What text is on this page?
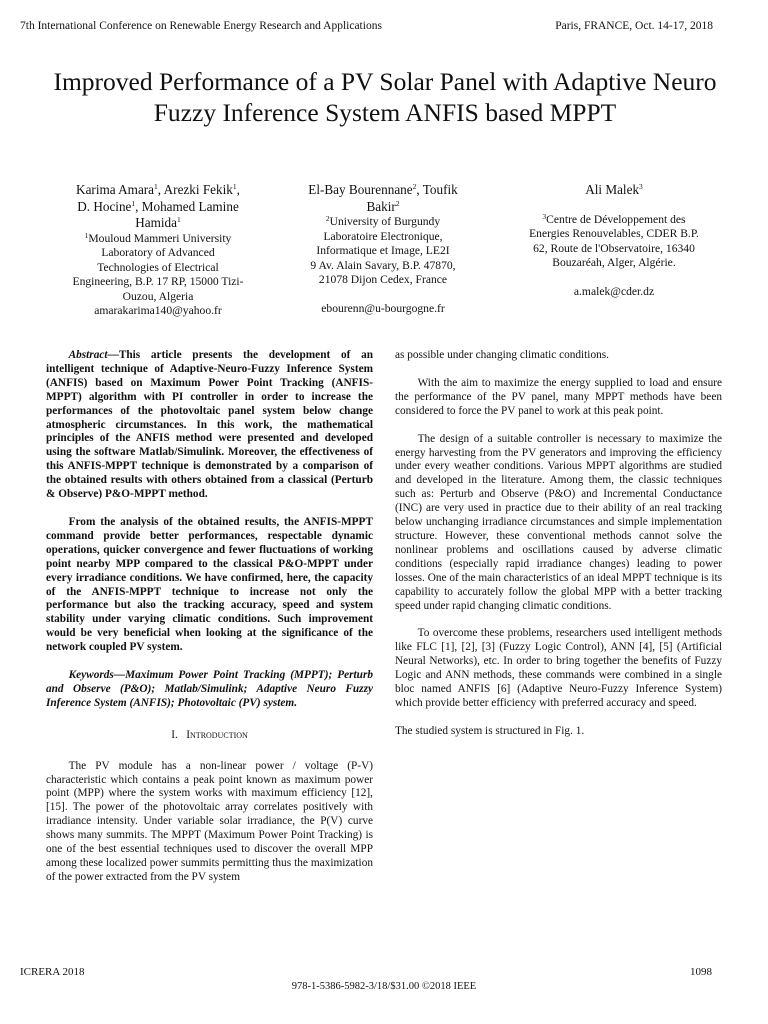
7th International Conference on Renewable Energy Research and Applications	Paris, FRANCE, Oct. 14-17, 2018
Improved Performance of a PV Solar Panel with Adaptive Neuro Fuzzy Inference System ANFIS based MPPT
Karima Amara$^1$, Arezki Fekik$^1$,
D. Hocine$^1$, Mohamed Lamine
Hamida$^1$
$^1$Mouloud Mammeri University
Laboratory of Advanced
Technologies of Electrical
Engineering, B.P. 17 RP, 15000 Tizi-
Ouzou, Algeria
amarakarima140@yahoo.fr
El-Bay Bourennane$^2$, Toufik
Bakir$^2$
$^2$University of Burgundy
Laboratoire Electronique,
Informatique et Image, LE2I
9 Av. Alain Savary, B.P. 47870,
21078 Dijon Cedex, France
ebourenn@u-bourgogne.fr
Ali Malek$^3$
$^3$Centre de Développement des
Energies Renouvelables, CDER B.P.
62, Route de l'Observatoire, 16340
Bouzaréah, Alger, Algérie.
a.malek@cder.dz

Abstract—This article presents the development of an intelligent technique of Adaptive-Neuro-Fuzzy Inference System (ANFIS) based on Maximum Power Point Tracking (ANFIS-MPPT) algorithm with PI controller in order to increase the performances of the photovoltaic panel system below change atmospheric circumstances. In this work, the mathematical principles of the ANFIS method were presented and developed using the software Matlab/Simulink. Moreover, the effectiveness of this ANFIS-MPPT technique is demonstrated by a comparison of the obtained results with others obtained from a classical (Perturb & Observe) P&O-MPPT method.

From the analysis of the obtained results, the ANFIS-MPPT command provide better performances, respectable dynamic operations, quicker convergence and fewer fluctuations of working point nearby MPP compared to the classical P&O-MPPT under every irradiance conditions. We have confirmed, here, the capacity of the ANFIS-MPPT technique to increase not only the performance but also the tracking accuracy, speed and system stability under varying climatic conditions. Such improvement would be very beneficial when looking at the significance of the network coupled PV system.

Keywords—Maximum Power Point Tracking (MPPT); Perturb and Observe (P&O); Matlab/Simulink; Adaptive Neuro Fuzzy Inference System (ANFIS); Photovoltaic (PV) system.

I. Introduction

The PV module has a non-linear power / voltage (P-V) characteristic which contains a peak point known as maximum power point (MPP) where the system works with maximum efficiency [12],[15]. The power of the photovoltaic array correlates positively with irradiance intensity. Under variable solar irradiance, the P(V) curve shows many summits. The MPPT (Maximum Power Point Tracking) is one of the best essential techniques used to discover the overall MPP among these localized power summits permitting thus the maximization of the power extracted from the PV system

as possible under changing climatic conditions.

With the aim to maximize the energy supplied to load and ensure the performance of the PV panel, many MPPT methods have been considered to force the PV panel to work at this peak point.

The design of a suitable controller is necessary to maximize the energy harvesting from the PV generators and improving the efficiency under every weather conditions. Various MPPT algorithms are studied and developed in the literature. Among them, the classic techniques such as: Perturb and Observe (P&O) and Incremental Conductance (INC) are very used in practice due to their ability of an real tracking below unchanging irradiance circumstances and simple implementation structure. However, these conventional methods cannot solve the nonlinear problems and oscillations caused by adverse climatic conditions (especially rapid irradiance changes) leading to power losses. One of the main characteristics of an ideal MPPT technique is its capability to accurately follow the global MPP with a better tracking speed under rapid changing climatic conditions.

To overcome these problems, researchers used intelligent methods like FLC [1], [2], [3] (Fuzzy Logic Control), ANN [4], [5] (Artificial Neural Networks), etc. In order to bring together the benefits of Fuzzy Logic and ANN methods, these commands were combined in a single bloc named ANFIS [6] (Adaptive Neuro-Fuzzy Inference System) which provide better efficiency with preferred accuracy and speed.

The studied system is structured in Fig. 1.

ICRERA 2018	1098
978-1-5386-5982-3/18/$31.00 ©2018 IEEE
